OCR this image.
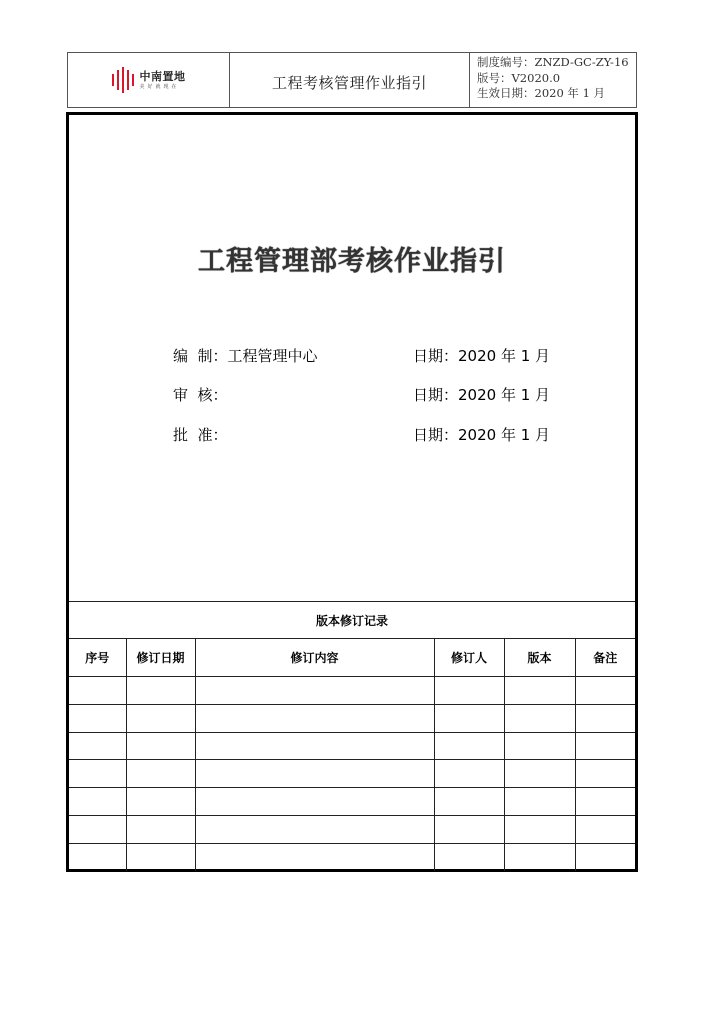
中南置地
美好就现在	工程考核管理作业指引
制度编号：ZNZD-GC-ZY-16
版号：V2020.0
生效日期：2020 年 1 月
工程管理部考核作业指引
编  制：工程管理中心	日期：2020 年 1 月
审  核：	日期：2020 年 1 月
批  准：	日期：2020 年 1 月
版本修订记录					
序号	修订日期	修订内容	修订人	版本	备注
